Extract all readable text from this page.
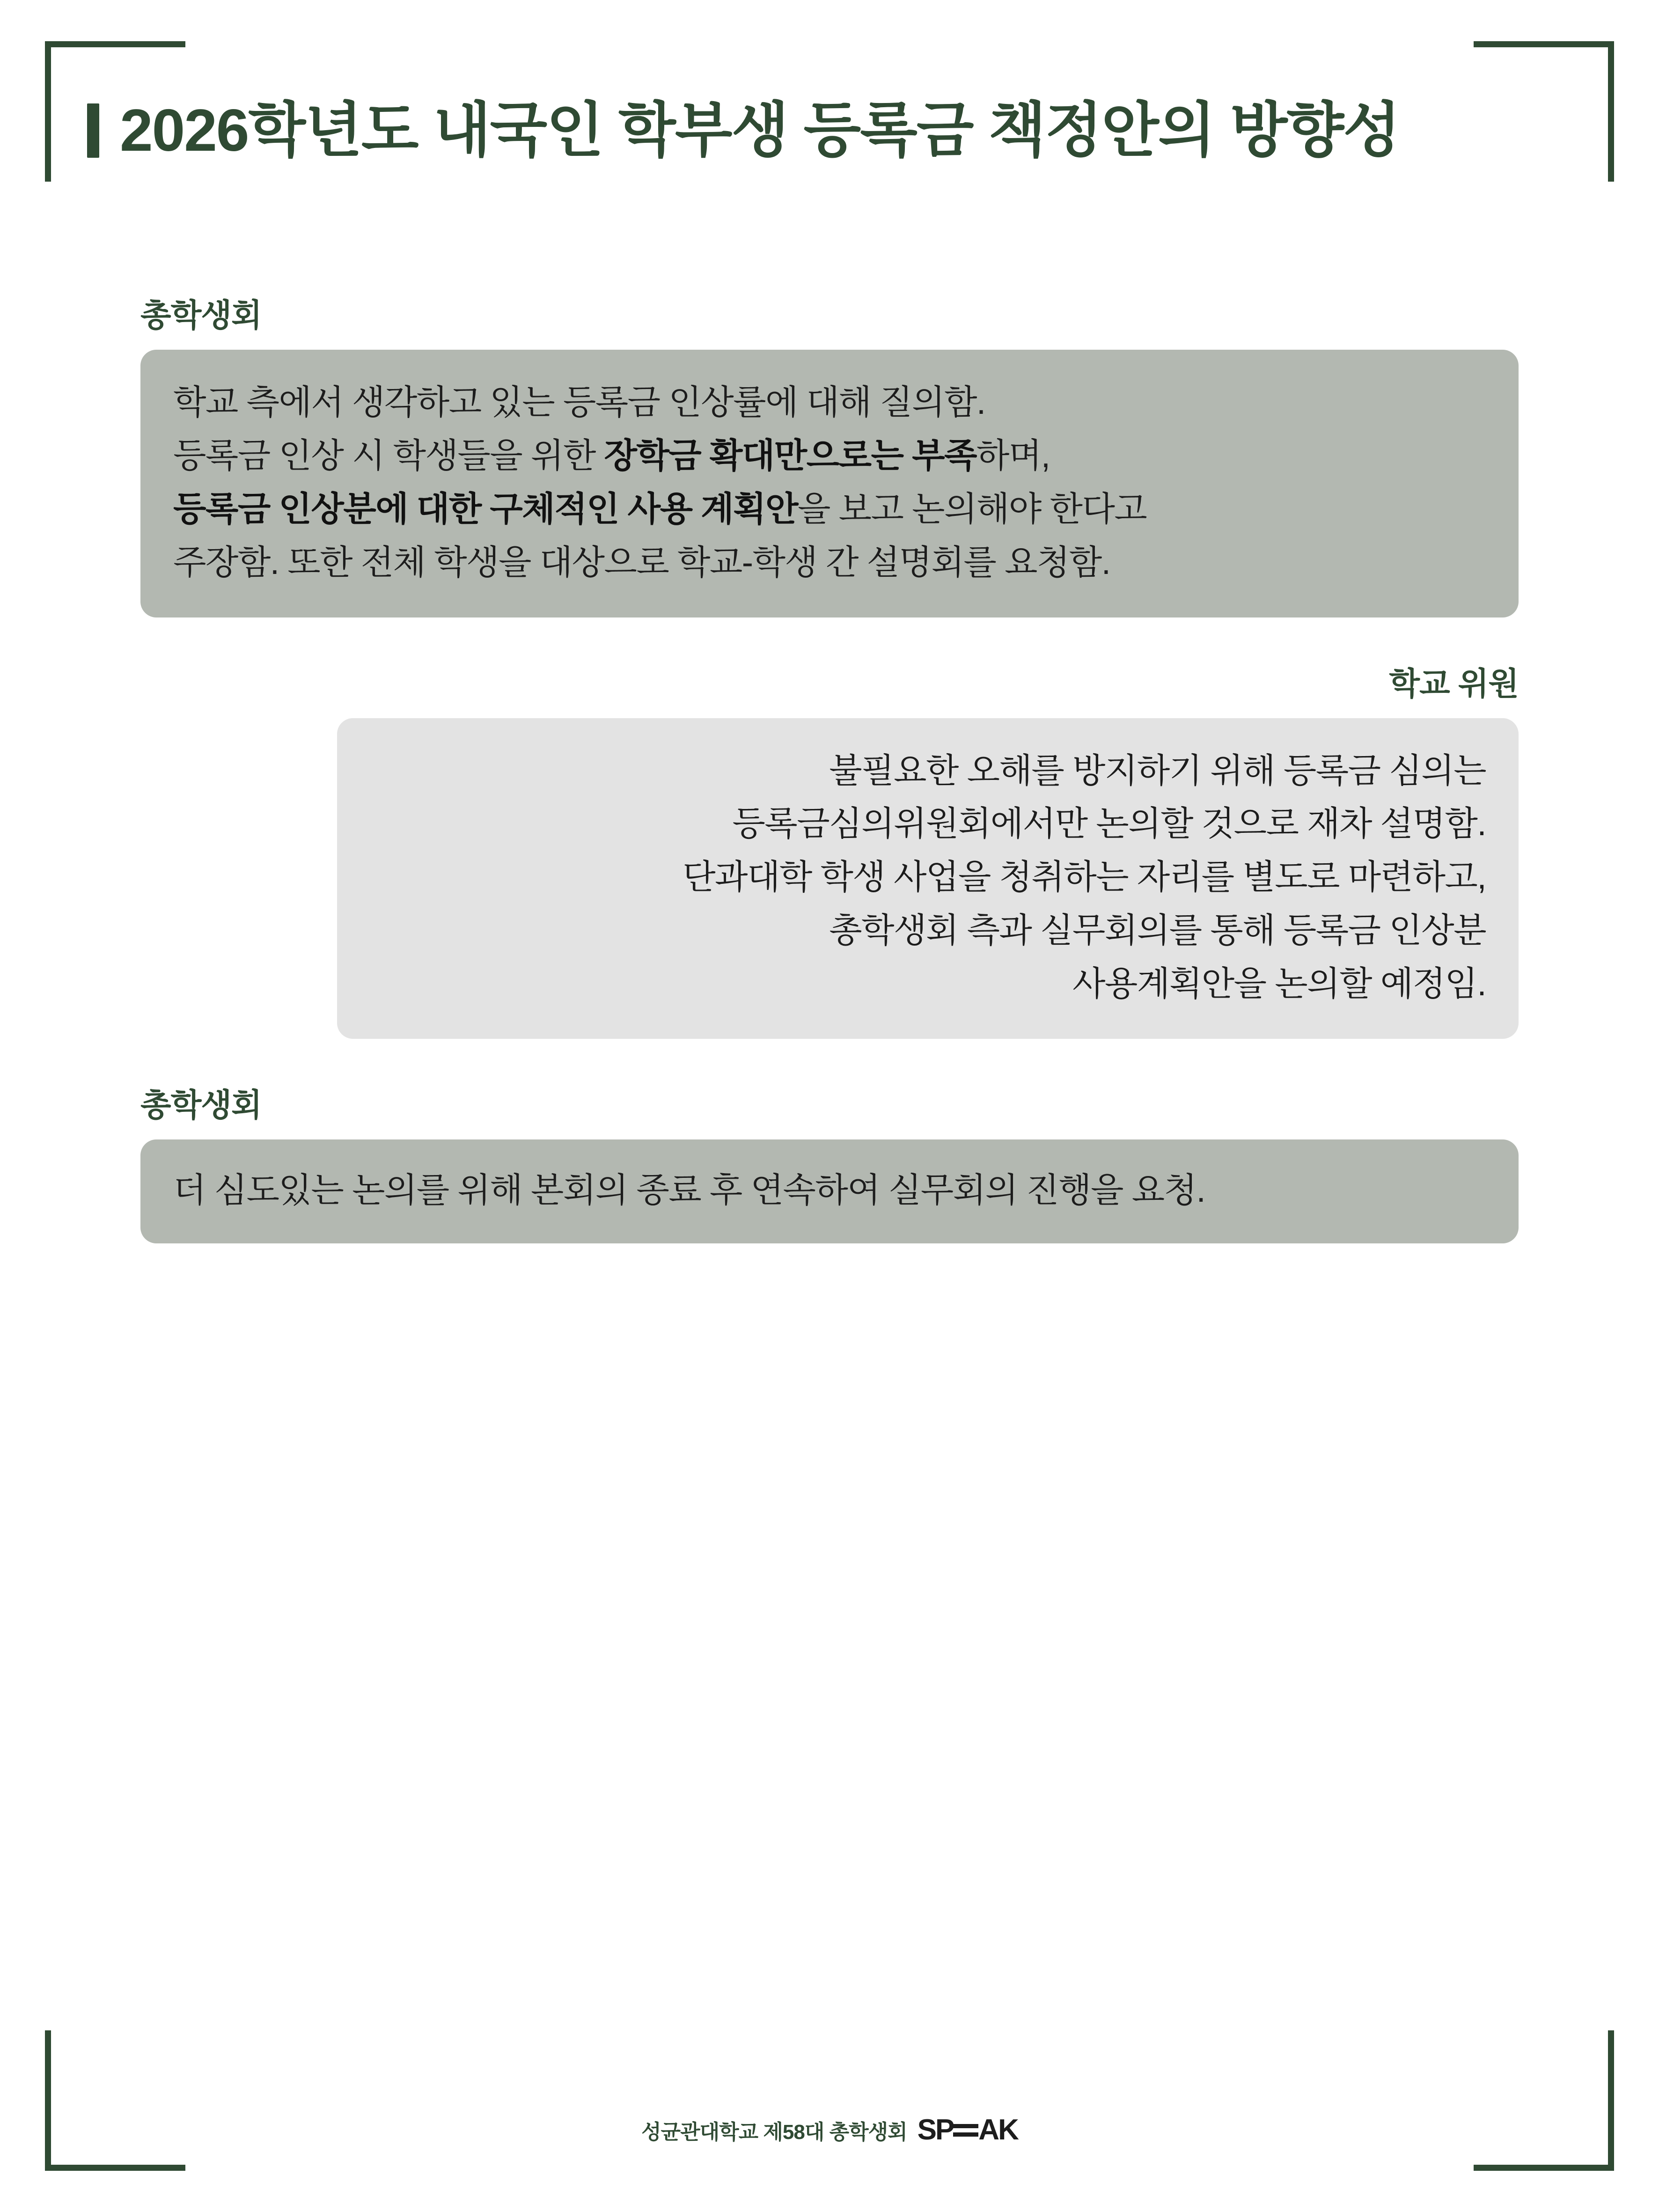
2026학년도 내국인 학부생 등록금 책정안의 방향성
총학생회
학교 측에서 생각하고 있는 등록금 인상률에 대해 질의함.
등록금 인상 시 학생들을 위한 장학금 확대만으로는 부족하며,
등록금 인상분에 대한 구체적인 사용 계획안을 보고 논의해야 한다고
주장함. 또한 전체 학생을 대상으로 학교-학생 간 설명회를 요청함.
학교 위원
불필요한 오해를 방지하기 위해 등록금 심의는
등록금심의위원회에서만 논의할 것으로 재차 설명함.
단과대학 학생 사업을 청취하는 자리를 별도로 마련하고,
총학생회 측과 실무회의를 통해 등록금 인상분
사용계획안을 논의할 예정임.
총학생회
더 심도있는 논의를 위해 본회의 종료 후 연속하여 실무회의 진행을 요청.
성균관대학교 제58대 총학생회 S P AK
